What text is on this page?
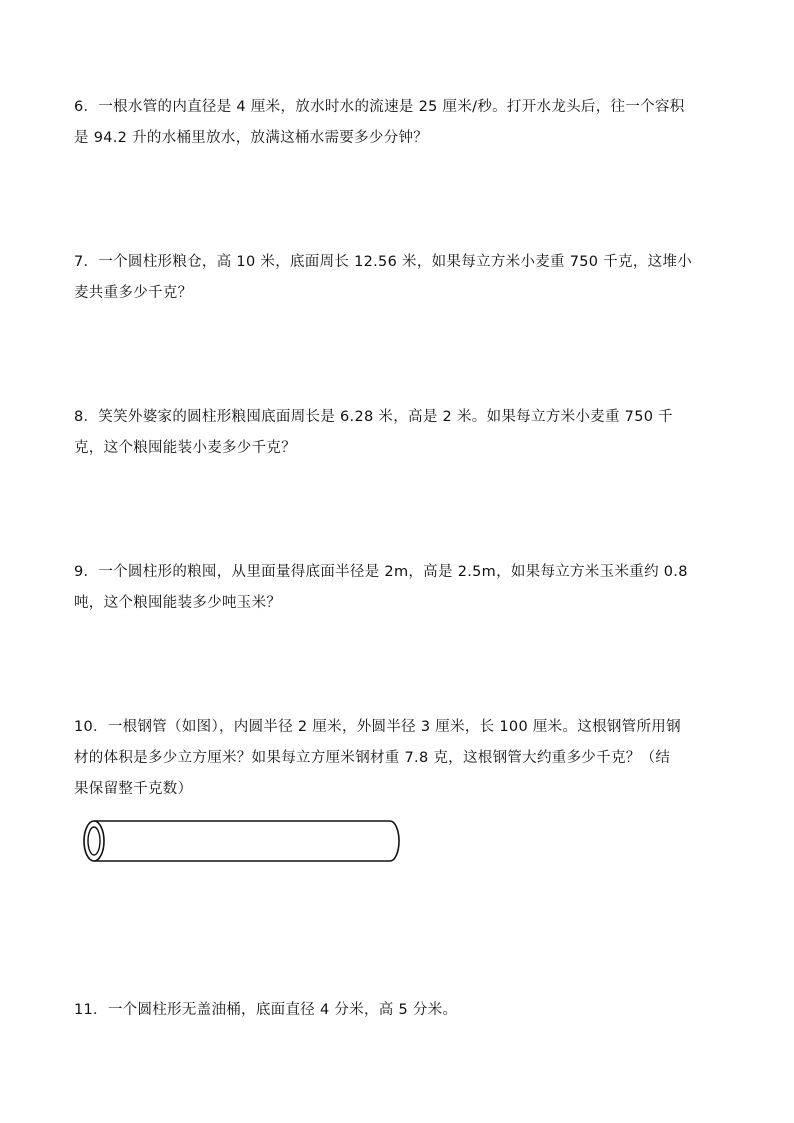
6．一根水管的内直径是 4 厘米，放水时水的流速是 25 厘米/秒。打开水龙头后，往一个容积

是 94.2 升的水桶里放水，放满这桶水需要多少分钟？

7．一个圆柱形粮仓，高 10 米，底面周长 12.56 米，如果每立方米小麦重 750 千克，这堆小

麦共重多少千克？

8．笑笑外婆家的圆柱形粮囤底面周长是 6.28 米，高是 2 米。如果每立方米小麦重 750 千

克，这个粮囤能装小麦多少千克？

9．一个圆柱形的粮囤，从里面量得底面半径是 2m，高是 2.5m，如果每立方米玉米重约 0.8

吨，这个粮囤能装多少吨玉米？

10．一根钢管（如图），内圆半径 2 厘米，外圆半径 3 厘米，长 100 厘米。这根钢管所用钢

材的体积是多少立方厘米？如果每立方厘米钢材重 7.8 克，这根钢管大约重多少千克？（结

果保留整千克数）

11．一个圆柱形无盖油桶，底面直径 4 分米，高 5 分米。
